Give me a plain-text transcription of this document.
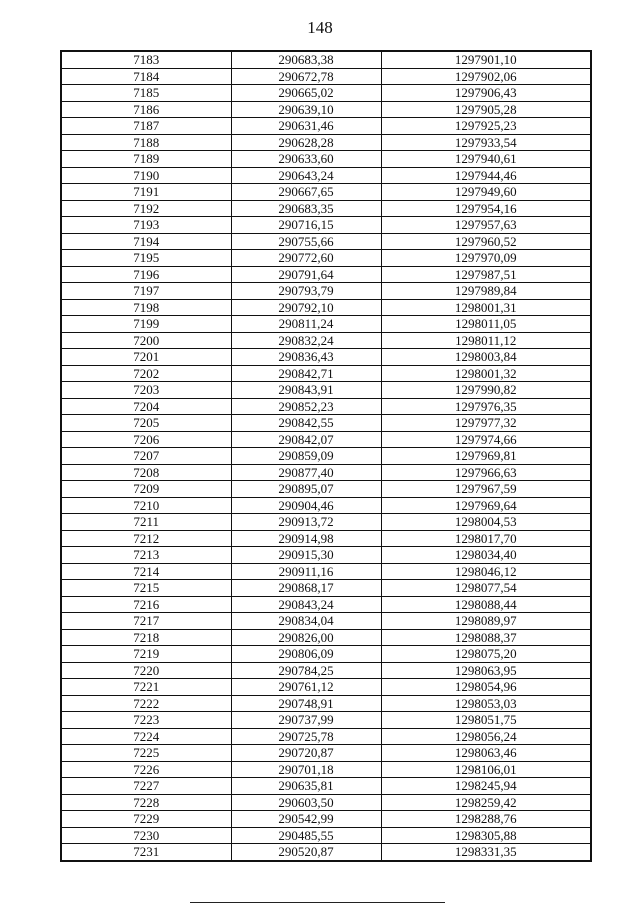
148
7183	290683,38	1297901,10
7184	290672,78	1297902,06
7185	290665,02	1297906,43
7186	290639,10	1297905,28
7187	290631,46	1297925,23
7188	290628,28	1297933,54
7189	290633,60	1297940,61
7190	290643,24	1297944,46
7191	290667,65	1297949,60
7192	290683,35	1297954,16
7193	290716,15	1297957,63
7194	290755,66	1297960,52
7195	290772,60	1297970,09
7196	290791,64	1297987,51
7197	290793,79	1297989,84
7198	290792,10	1298001,31
7199	290811,24	1298011,05
7200	290832,24	1298011,12
7201	290836,43	1298003,84
7202	290842,71	1298001,32
7203	290843,91	1297990,82
7204	290852,23	1297976,35
7205	290842,55	1297977,32
7206	290842,07	1297974,66
7207	290859,09	1297969,81
7208	290877,40	1297966,63
7209	290895,07	1297967,59
7210	290904,46	1297969,64
7211	290913,72	1298004,53
7212	290914,98	1298017,70
7213	290915,30	1298034,40
7214	290911,16	1298046,12
7215	290868,17	1298077,54
7216	290843,24	1298088,44
7217	290834,04	1298089,97
7218	290826,00	1298088,37
7219	290806,09	1298075,20
7220	290784,25	1298063,95
7221	290761,12	1298054,96
7222	290748,91	1298053,03
7223	290737,99	1298051,75
7224	290725,78	1298056,24
7225	290720,87	1298063,46
7226	290701,18	1298106,01
7227	290635,81	1298245,94
7228	290603,50	1298259,42
7229	290542,99	1298288,76
7230	290485,55	1298305,88
7231	290520,87	1298331,35
